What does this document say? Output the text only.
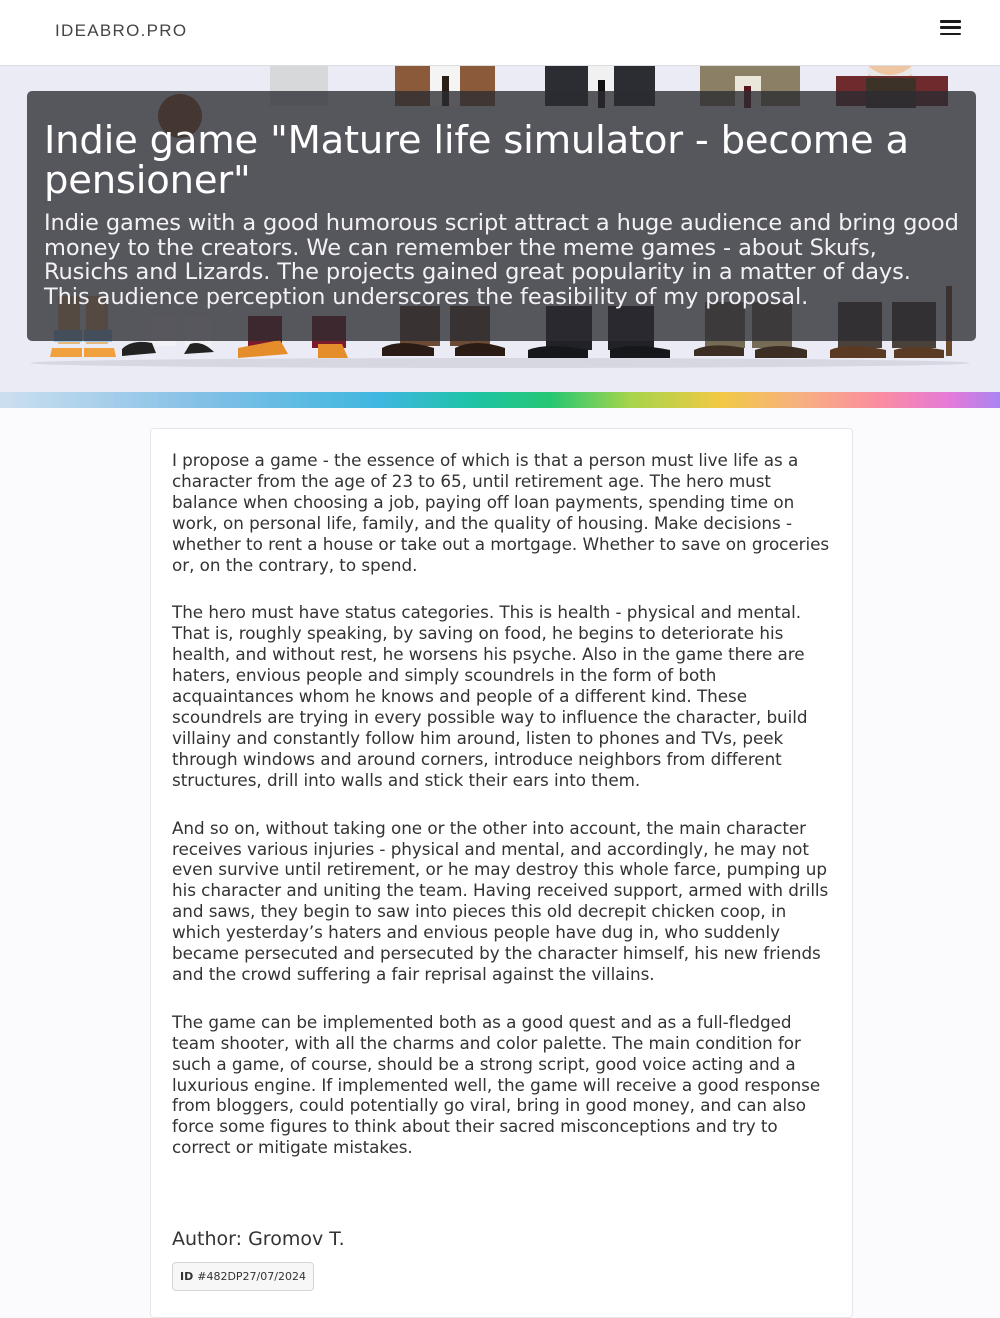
IDEABRO.PRO
Indie game "Mature life simulator - become a pensioner"

Indie games with a good humorous script attract a huge audience and bring good money to the creators. We can remember the meme games - about Skufs, Rusichs and Lizards. The projects gained great popularity in a matter of days. This audience perception underscores the feasibility of my proposal.

I propose a game - the essence of which is that a person must live life as a character from the age of 23 to 65, until retirement age. The hero must balance when choosing a job, paying off loan payments, spending time on work, on personal life, family, and the quality of housing. Make decisions - whether to rent a house or take out a mortgage. Whether to save on groceries or, on the contrary, to spend.

The hero must have status categories. This is health - physical and mental. That is, roughly speaking, by saving on food, he begins to deteriorate his health, and without rest, he worsens his psyche. Also in the game there are haters, envious people and simply scoundrels in the form of both acquaintances whom he knows and people of a different kind. These scoundrels are trying in every possible way to influence the character, build villainy and constantly follow him around, listen to phones and TVs, peek through windows and around corners, introduce neighbors from different structures, drill into walls and stick their ears into them.

And so on, without taking one or the other into account, the main character receives various injuries - physical and mental, and accordingly, he may not even survive until retirement, or he may destroy this whole farce, pumping up his character and uniting the team. Having received support, armed with drills and saws, they begin to saw into pieces this old decrepit chicken coop, in which yesterday’s haters and envious people have dug in, who suddenly became persecuted and persecuted by the character himself, his new friends and the crowd suffering a fair reprisal against the villains.

The game can be implemented both as a good quest and as a full-fledged team shooter, with all the charms and color palette. The main condition for such a game, of course, should be a strong script, good voice acting and a luxurious engine. If implemented well, the game will receive a good response from bloggers, could potentially go viral, bring in good money, and can also force some figures to think about their sacred misconceptions and try to correct or mitigate mistakes.

Author: Gromov T.
ID #482DP27/07/2024
